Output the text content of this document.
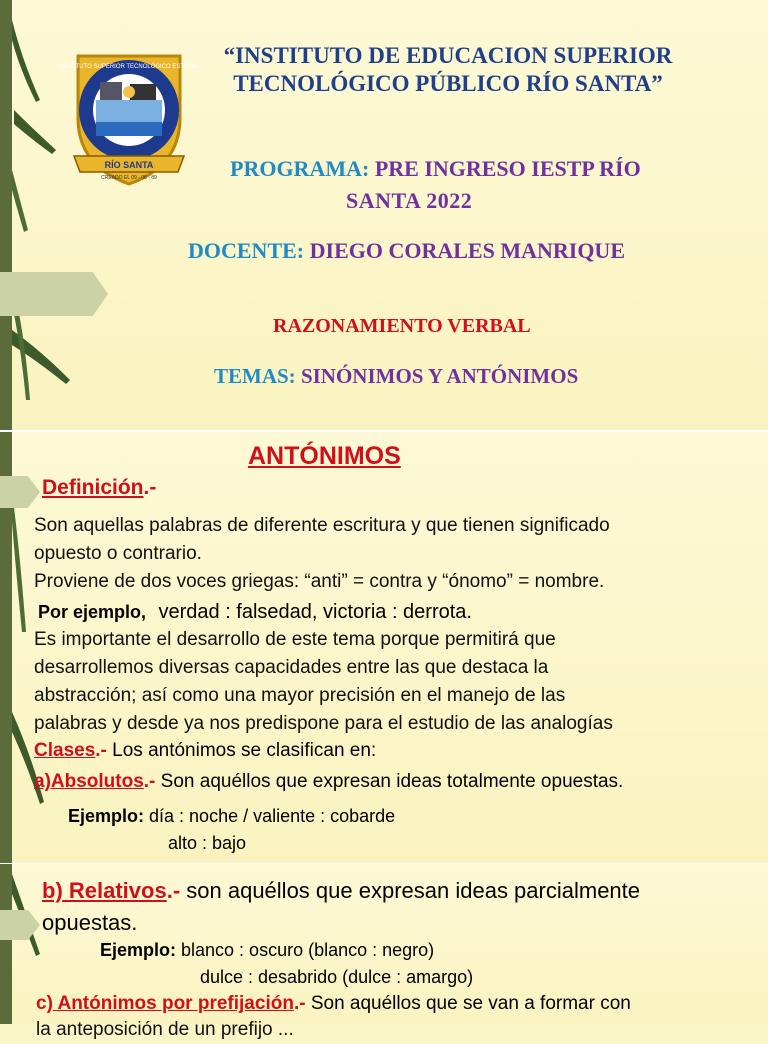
RÍO SANTA
CREADO EL 09 - 06 - 89
INSTITUTO SUPERIOR TECNOLÓGICO ESTATAL	“INSTITUTO DE EDUCACION SUPERIOR
TECNOLÓGICO PÚBLICO RÍO SANTA”
PROGRAMA: PRE INGRESO IESTP RÍO
SANTA 2022
DOCENTE: DIEGO CORALES MANRIQUE
RAZONAMIENTO VERBAL
TEMAS: SINÓNIMOS Y ANTÓNIMOS
ANTÓNIMOS
Definición.-
Son aquellas palabras de diferente escritura y que tienen significado
opuesto o contrario.
Proviene de dos voces griegas: “anti” = contra y “ónomo” = nombre.
Por ejemplo, verdad : falsedad, victoria : derrota.
Es importante el desarrollo de este tema porque permitirá que
desarrollemos diversas capacidades entre las que destaca la
abstracción; así como una mayor precisión en el manejo de las
palabras y desde ya nos predispone para el estudio de las analogías
Clases.- Los antónimos se clasifican en:
a)Absolutos.- Son aquéllos que expresan ideas totalmente opuestas.
Ejemplo: día : noche / valiente : cobarde
alto : bajo
b) Relativos.- son aquéllos que expresan ideas parcialmente
opuestas.
Ejemplo: blanco : oscuro (blanco : negro)
dulce : desabrido (dulce : amargo)
c) Antónimos por prefijación.- Son aquéllos que se van a formar con
la anteposición de un prefijo ...
